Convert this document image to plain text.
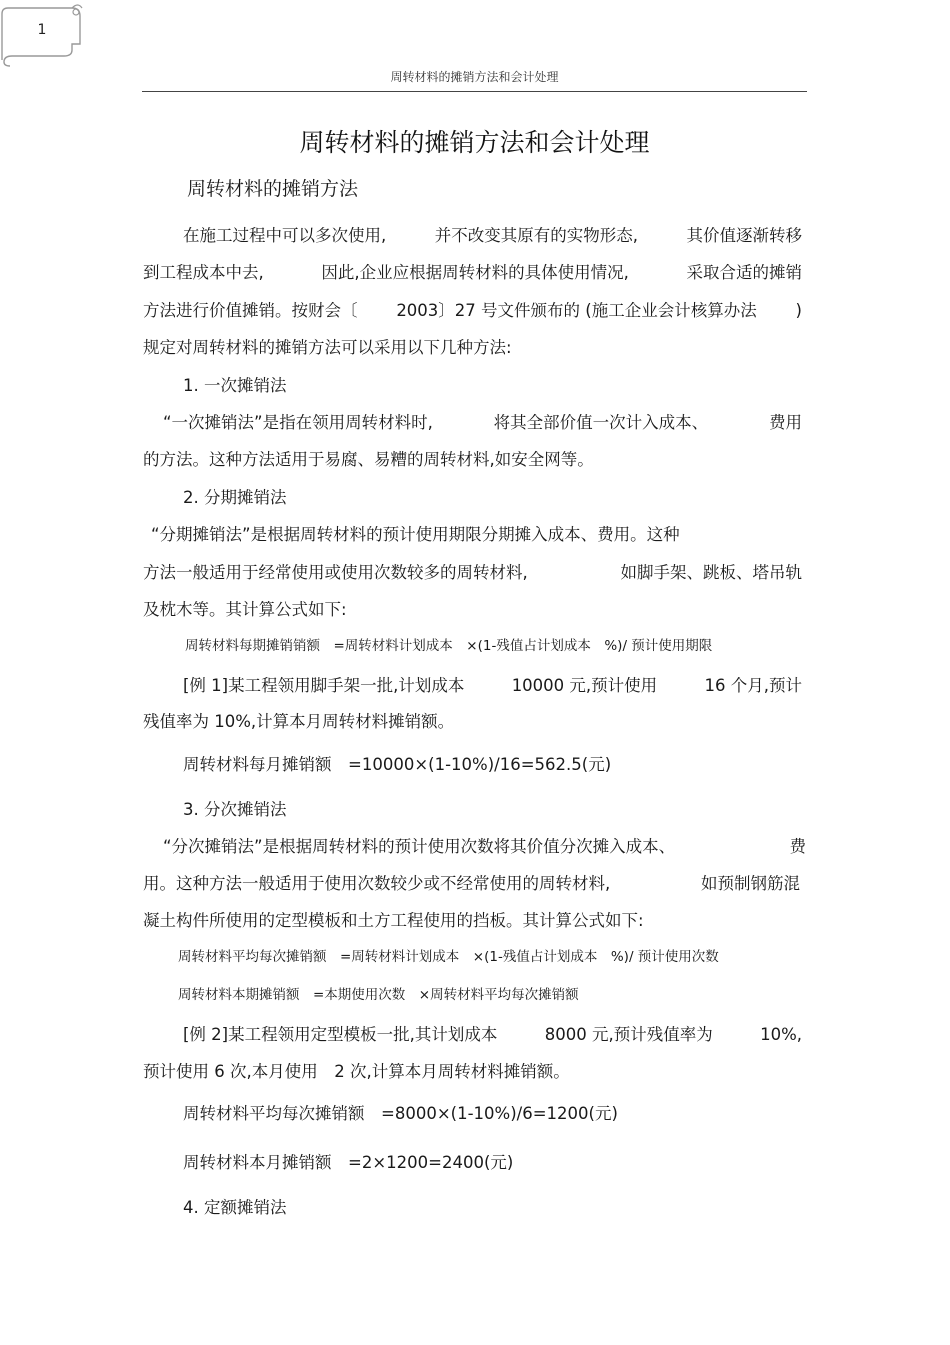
1
周转材料的摊销方法和会计处理
周转材料的摊销方法和会计处理
周转材料的摊销方法
在施工过程中可以多次使用,	并不改变其原有的实物形态,	其价值逐渐转移
到工程成本中去,	因此,企业应根据周转材料的具体使用情况,	采取合适的摊销
方法进行价值摊销。按财会〔 2003〕27 号文件颁布的 (施工企业会计核算办法 )
规定对周转材料的摊销方法可以采用以下几种方法:
1. 一次摊销法
“一次摊销法”是指在领用周转材料时,	将其全部价值一次计入成本、	费用
的方法。这种方法适用于易腐、易糟的周转材料,如安全网等。
2. 分期摊销法
“分期摊销法”是根据周转材料的预计使用期限分期摊入成本、费用。这种
方法一般适用于经常使用或使用次数较多的周转材料,	如脚手架、跳板、塔吊轨
及枕木等。其计算公式如下:
周转材料每期摊销销额　=周转材料计划成本　×(1-残值占计划成本　%)/ 预计使用期限
[例 1]某工程领用脚手架一批,计划成本	10000 元,预计使用	16 个月,预计
残值率为 10%,计算本月周转材料摊销额。
周转材料每月摊销额　=10000×(1-10%)/16=562.5(元)
3. 分次摊销法
“分次摊销法”是根据周转材料的预计使用次数将其价值分次摊入成本、	费
用。这种方法一般适用于使用次数较少或不经常使用的周转材料,	如预制钢筋混
凝土构件所使用的定型模板和土方工程使用的挡板。其计算公式如下:
周转材料平均每次摊销额　=周转材料计划成本　×(1-残值占计划成本　%)/ 预计使用次数
周转材料本期摊销额　=本期使用次数　×周转材料平均每次摊销额
[例 2]某工程领用定型模板一批,其计划成本	8000 元,预计残值率为	10%,
预计使用 6 次,本月使用　2 次,计算本月周转材料摊销额。
周转材料平均每次摊销额　=8000×(1-10%)/6=1200(元)
周转材料本月摊销额　=2×1200=2400(元)
4. 定额摊销法
